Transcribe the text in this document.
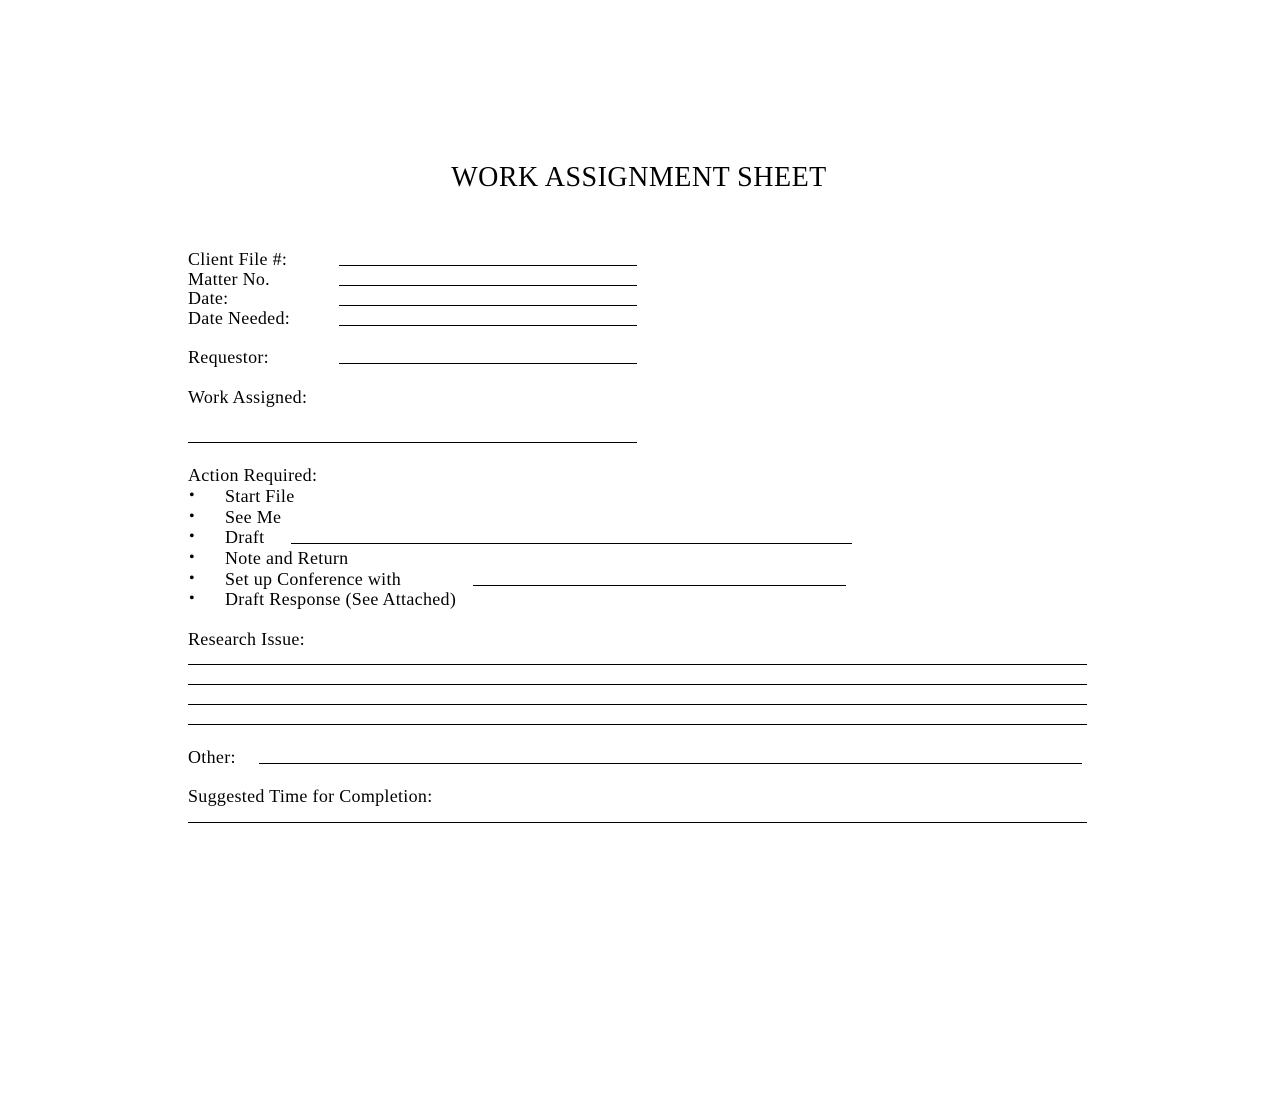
WORK ASSIGNMENT SHEET
Client File #:
Matter No.
Date:
Date Needed:
Requestor:
Work Assigned:
Action Required:
• Start File
• See Me
• Draft
• Note and Return
• Set up Conference with
• Draft Response (See Attached)
Research Issue:
Other:
Suggested Time for Completion:
